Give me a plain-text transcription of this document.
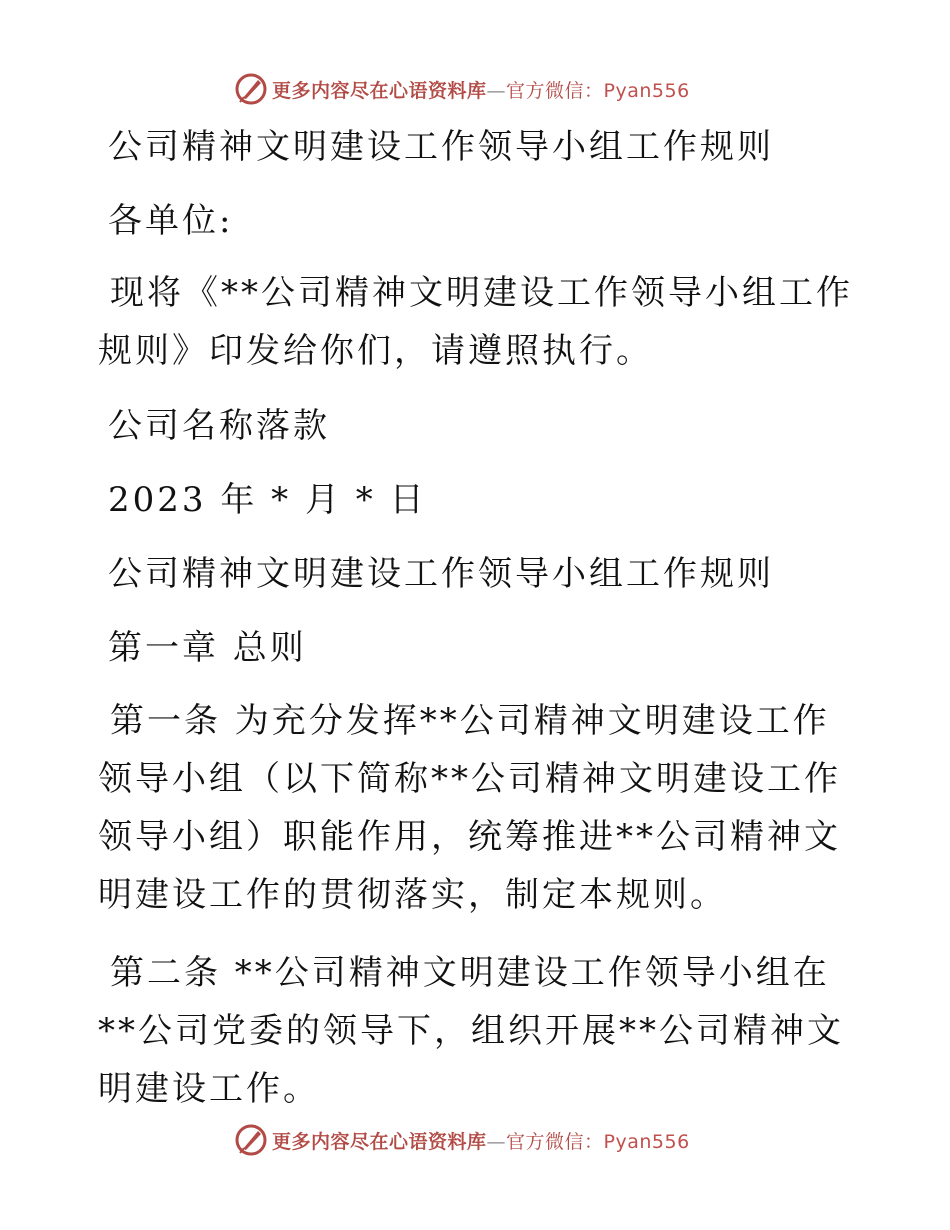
更多内容尽在心语资料库—官方微信：Pyan556
公司精神文明建设工作领导小组工作规则
各单位:
现将《**公司精神文明建设工作领导小组工作规则》印发给你们，请遵照执行。
公司名称落款
2023 年 * 月 * 日
公司精神文明建设工作领导小组工作规则
第一章 总则
第一条 为充分发挥**公司精神文明建设工作领导小组（以下简称**公司精神文明建设工作领导小组）职能作用，统筹推进**公司精神文明建设工作的贯彻落实，制定本规则。
第二条 **公司精神文明建设工作领导小组在**公司党委的领导下，组织开展**公司精神文明建设工作。
更多内容尽在心语资料库—官方微信：Pyan556
